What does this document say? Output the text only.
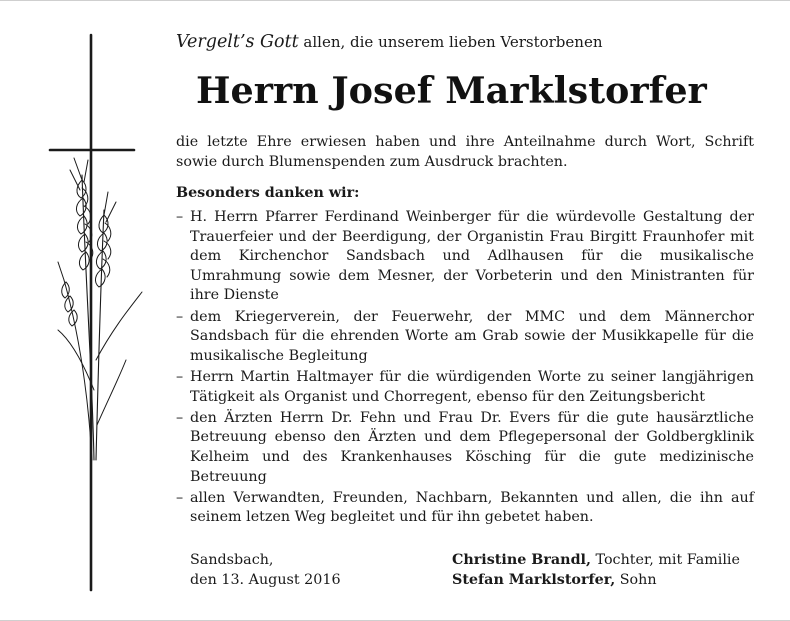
Vergelt’s Gott allen, die unserem lieben Verstorbenen
Herrn Josef Marklstorfer
die letzte Ehre erwiesen haben und ihre Anteilnahme durch Wort, Schrift sowie durch Blumenspenden zum Ausdruck brachten.
Besonders danken wir:
– H. Herrn Pfarrer Ferdinand Weinberger für die würdevolle Gestaltung der Trauerfeier und der Beerdigung, der Organistin Frau Birgitt Fraunhofer mit dem Kirchenchor Sandsbach und Adlhausen für die musikalische Umrahmung sowie dem Mesner, der Vorbeterin und den Ministranten für ihre Dienste
– dem Kriegerverein, der Feuerwehr, der MMC und dem Männerchor Sandsbach für die ehrenden Worte am Grab sowie der Musikkapelle für die musikalische Begleitung
– Herrn Martin Haltmayer für die würdigenden Worte zu seiner langjährigen Tätigkeit als Organist und Chorregent, ebenso für den Zeitungsbericht
– den Ärzten Herrn Dr. Fehn und Frau Dr. Evers für die gute hausärztliche Betreuung ebenso den Ärzten und dem Pflegepersonal der Goldbergklinik Kelheim und des Krankenhauses Kösching für die gute medizinische Betreuung
– allen Verwandten, Freunden, Nachbarn, Bekannten und allen, die ihn auf seinem letzen Weg begleitet und für ihn gebetet haben.
Sandsbach,
den 13. August 2016
Christine Brandl, Tochter, mit Familie
Stefan Marklstorfer, Sohn
